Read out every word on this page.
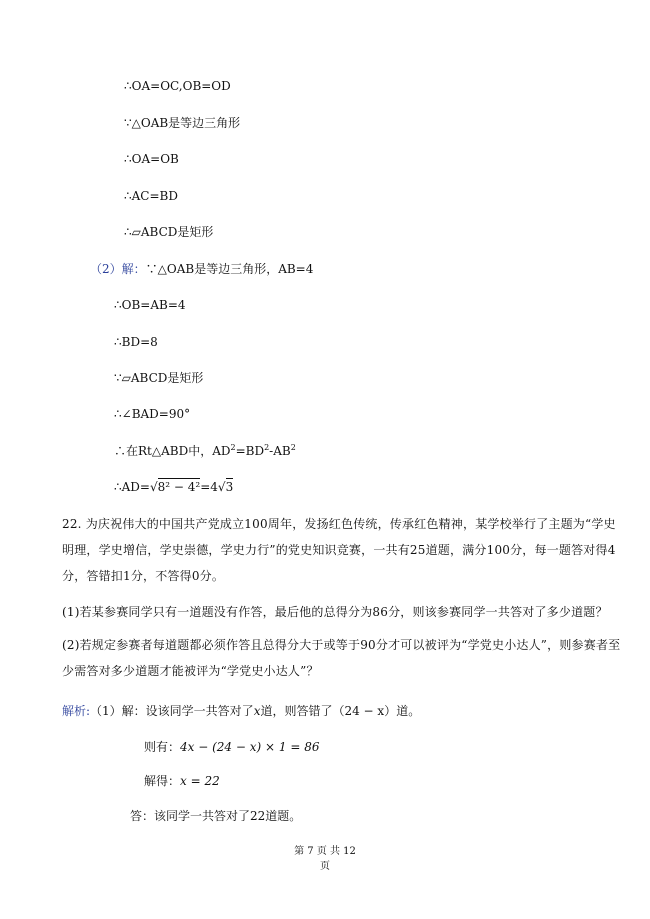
∴OA=OC,OB=OD
∵△OAB是等边三角形
∴OA=OB
∴AC=BD
∴▱ABCD是矩形
（2）解：∵△OAB是等边三角形，AB=4
∴OB=AB=4
∴BD=8
∵▱ABCD是矩形
∴∠BAD=90°
∴在Rt△ABD中，$AD^2=BD^2-AB^2$
∴AD=√8² − 4²=4√3
22. 为庆祝伟大的中国共产党成立100周年，发扬红色传统，传承红色精神，某学校举行了主题为“学史明理，学史增信，学史崇德，学史力行”的党史知识竞赛，一共有25道题，满分100分，每一题答对得4分，答错扣1分，不答得0分。
(1)若某参赛同学只有一道题没有作答，最后他的总得分为86分，则该参赛同学一共答对了多少道题？
(2)若规定参赛者每道题都必须作答且总得分大于或等于90分才可以被评为“学党史小达人”，则参赛者至少需答对多少道题才能被评为“学党史小达人”？
解析:（1）解：设该同学一共答对了x道，则答错了（24 − x）道。
则有：4x − (24 − x) × 1 = 86
解得：x = 22
答：该同学一共答对了22道题。
第 7 页 共 12
页
